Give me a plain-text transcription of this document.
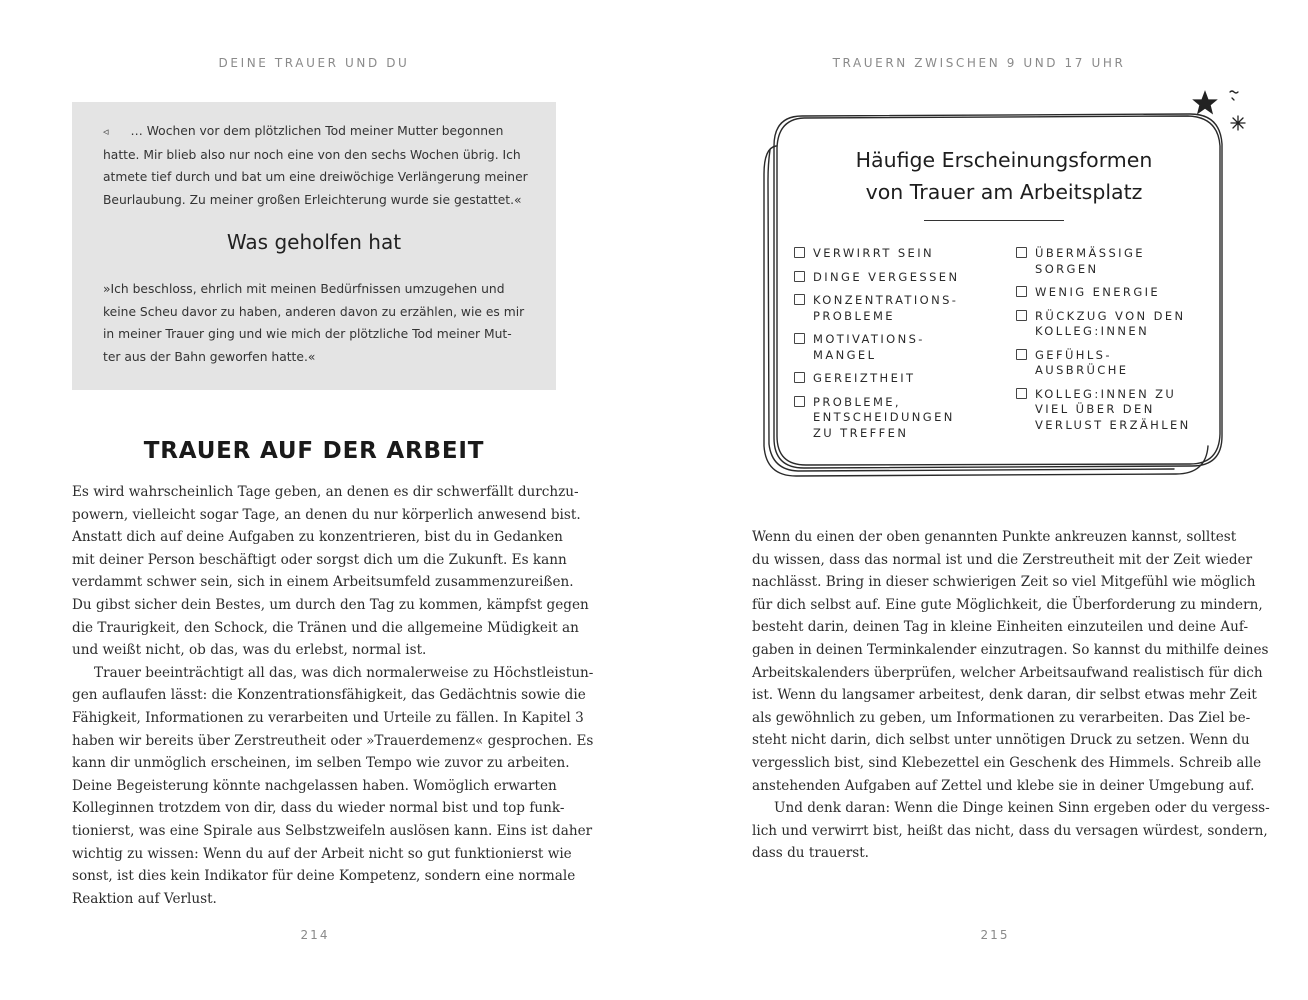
DEINE TRAUER UND DU

◃ … Wochen vor dem plötzlichen Tod meiner Mutter begonnen
hatte. Mir blieb also nur noch eine von den sechs Wochen übrig. Ich
atmete tief durch und bat um eine dreiwöchige Verlängerung meiner
Beurlaubung. Zu meiner großen Erleichterung wurde sie gestattet.«

Was geholfen hat

»Ich beschloss, ehrlich mit meinen Bedürfnissen umzugehen und
keine Scheu davor zu haben, anderen davon zu erzählen, wie es mir
in meiner Trauer ging und wie mich der plötzliche Tod meiner Mut-
ter aus der Bahn geworfen hatte.«

TRAUER AUF DER ARBEIT
Es wird wahrscheinlich Tage geben, an denen es dir schwerfällt durchzu-
powern, vielleicht sogar Tage, an denen du nur körperlich anwesend bist.
Anstatt dich auf deine Aufgaben zu konzentrieren, bist du in Gedanken
mit deiner Person beschäftigt oder sorgst dich um die Zukunft. Es kann
verdammt schwer sein, sich in einem Arbeitsumfeld zusammenzureißen.
Du gibst sicher dein Bestes, um durch den Tag zu kommen, kämpfst gegen
die Traurigkeit, den Schock, die Tränen und die allgemeine Müdigkeit an
und weißt nicht, ob das, was du erlebst, normal ist.
Trauer beeinträchtigt all das, was dich normalerweise zu Höchstleistun-
gen auflaufen lässt: die Konzentrationsfähigkeit, das Gedächtnis sowie die
Fähigkeit, Informationen zu verarbeiten und Urteile zu fällen. In Kapitel 3
haben wir bereits über Zerstreutheit oder »Trauerdemenz« gesprochen. Es
kann dir unmöglich erscheinen, im selben Tempo wie zuvor zu arbeiten.
Deine Begeisterung könnte nachgelassen haben. Womöglich erwarten
Kolleginnen trotzdem von dir, dass du wieder normal bist und top funk-
tionierst, was eine Spirale aus Selbstzweifeln auslösen kann. Eins ist daher
wichtig zu wissen: Wenn du auf der Arbeit nicht so gut funktionierst wie
sonst, ist dies kein Indikator für deine Kompetenz, sondern eine normale
Reaktion auf Verlust.
214
TRAUERN ZWISCHEN 9 UND 17 UHR
Häufige Erscheinungsformen
von Trauer am Arbeitsplatz
VERWIRRT SEIN
DINGE VERGESSEN
KONZENTRATIONS-
PROBLEME
MOTIVATIONS-
MANGEL
GEREIZTHEIT
PROBLEME,
ENTSCHEIDUNGEN
ZU TREFFEN
ÜBERMÄSSIGE
SORGEN
WENIG ENERGIE
RÜCKZUG VON DEN
KOLLEG:INNEN
GEFÜHLS-
AUSBRÜCHE
KOLLEG:INNEN ZU
VIEL ÜBER DEN
VERLUST ERZÄHLEN
Wenn du einen der oben genannten Punkte ankreuzen kannst, solltest
du wissen, dass das normal ist und die Zerstreutheit mit der Zeit wieder
nachlässt. Bring in dieser schwierigen Zeit so viel Mitgefühl wie möglich
für dich selbst auf. Eine gute Möglichkeit, die Überforderung zu mindern,
besteht darin, deinen Tag in kleine Einheiten einzuteilen und deine Auf-
gaben in deinen Terminkalender einzutragen. So kannst du mithilfe deines
Arbeitskalenders überprüfen, welcher Arbeitsaufwand realistisch für dich
ist. Wenn du langsamer arbeitest, denk daran, dir selbst etwas mehr Zeit
als gewöhnlich zu geben, um Informationen zu verarbeiten. Das Ziel be-
steht nicht darin, dich selbst unter unnötigen Druck zu setzen. Wenn du
vergesslich bist, sind Klebezettel ein Geschenk des Himmels. Schreib alle
anstehenden Aufgaben auf Zettel und klebe sie in deiner Umgebung auf.
Und denk daran: Wenn die Dinge keinen Sinn ergeben oder du vergess-
lich und verwirrt bist, heißt das nicht, dass du versagen würdest, sondern,
dass du trauerst.
215
